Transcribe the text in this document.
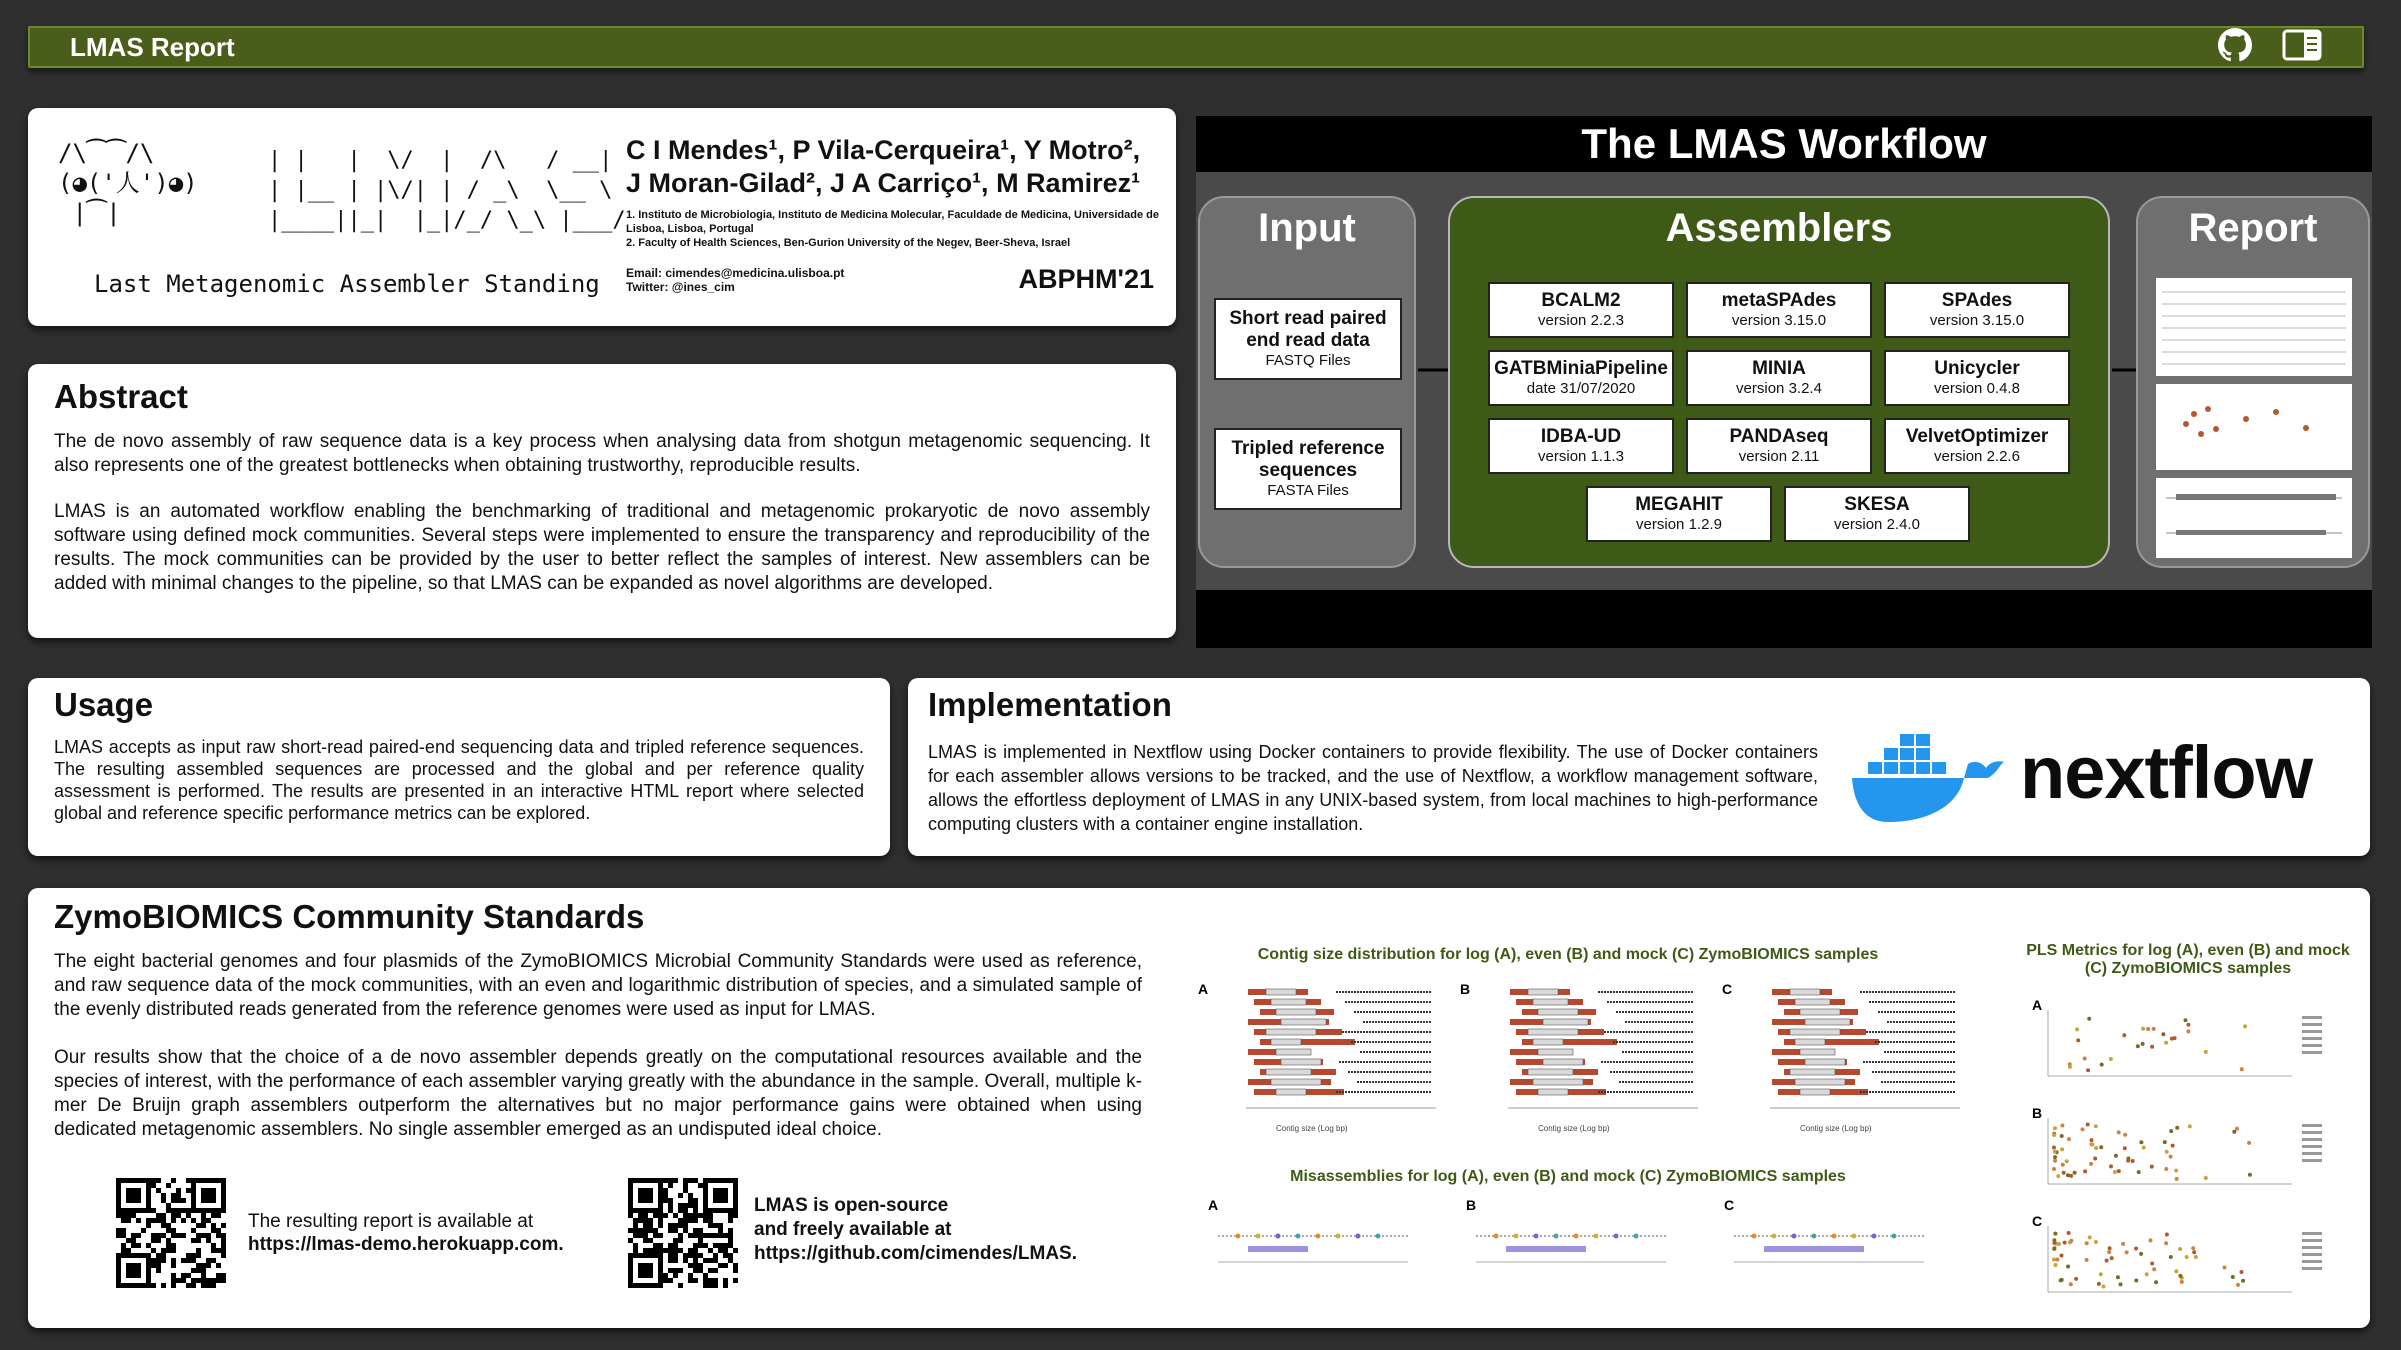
LMAS Report
/\⁀⁀/\
(◕('人')◕)
|⁀|
| |   |  \/  |  /\   / __|
| |__ | |\/| | / _\  \__ \
|____||_|  |_|/_/ \_\ |___/
Last Metagenomic Assembler Standing
C I Mendes¹, P Vila-Cerqueira¹, Y Motro²,
J Moran-Gilad², J A Carriço¹, M Ramirez¹
1. Instituto de Microbiologia, Instituto de Medicina Molecular, Faculdade de Medicina, Universidade de Lisboa, Lisboa, Portugal
2. Faculty of Health Sciences, Ben-Gurion University of the Negev, Beer-Sheva, Israel
Email: cimendes@medicina.ulisboa.pt
Twitter: @ines_cim	ABPHM'21
Abstract

The de novo assembly of raw sequence data is a key process when analysing data from shotgun metagenomic sequencing. It also represents one of the greatest bottlenecks when obtaining trustworthy, reproducible results.

LMAS is an automated workflow enabling the benchmarking of traditional and metagenomic prokaryotic de novo assembly software using defined mock communities. Several steps were implemented to ensure the transparency and reproducibility of the results. The mock communities can be provided by the user to better reflect the samples of interest. New assemblers can be added with minimal changes to the pipeline, so that LMAS can be expanded as novel algorithms are developed.

The LMAS Workflow
Input
Short read paired end read data
FASTQ Files
Tripled reference sequences
FASTA Files
Assemblers
BCALM2
version 2.2.3
metaSPAdes
version 3.15.0
SPAdes
version 3.15.0
GATBMiniaPipeline
date 31/07/2020
MINIA
version 3.2.4
Unicycler
version 0.4.8
IDBA-UD
version 1.1.3
PANDAseq
version 2.11
VelvetOptimizer
version 2.2.6
MEGAHIT
version 1.2.9
SKESA
version 2.4.0
Report
Usage

LMAS accepts as input raw short-read paired-end sequencing data and tripled reference sequences. The resulting assembled sequences are processed and the global and per reference quality assessment is performed. The results are presented in an interactive HTML report where selected global and reference specific performance metrics can be explored.

Implementation

LMAS is implemented in Nextflow using Docker containers to provide flexibility. The use of Docker containers for each assembler allows versions to be tracked, and the use of Nextflow, a workflow management software, allows the effortless deployment of LMAS in any UNIX-based system, from local machines to high-performance computing clusters with a container engine installation.

nextflow
ZymoBIOMICS Community Standards

The eight bacterial genomes and four plasmids of the ZymoBIOMICS Microbial Community Standards were used as reference, and raw sequence data of the mock communities, with an even and logarithmic distribution of species, and a simulated sample of the evenly distributed reads generated from the reference genomes were used as input for LMAS.

Our results show that the choice of a de novo assembler depends greatly on the computational resources available and the species of interest, with the performance of each assembler varying greatly with the abundance in the sample. Overall, multiple k-mer De Bruijn graph assemblers outperform the alternatives but no major performance gains were obtained when using dedicated metagenomic assemblers. No single assembler emerged as an undisputed ideal choice.

The resulting report is available at
https://lmas-demo.herokuapp.com.
LMAS is open-source
and freely available at
https://github.com/cimendes/LMAS.
Contig size distribution for log (A), even (B) and mock (C) ZymoBIOMICS samples
A
Contig size (Log bp)
B
Contig size (Log bp)
C
Contig size (Log bp)
Misassemblies for log (A), even (B) and mock (C) ZymoBIOMICS samples
A	B	C
PLS Metrics for log (A), even (B) and mock (C) ZymoBIOMICS samples
A
B
C
